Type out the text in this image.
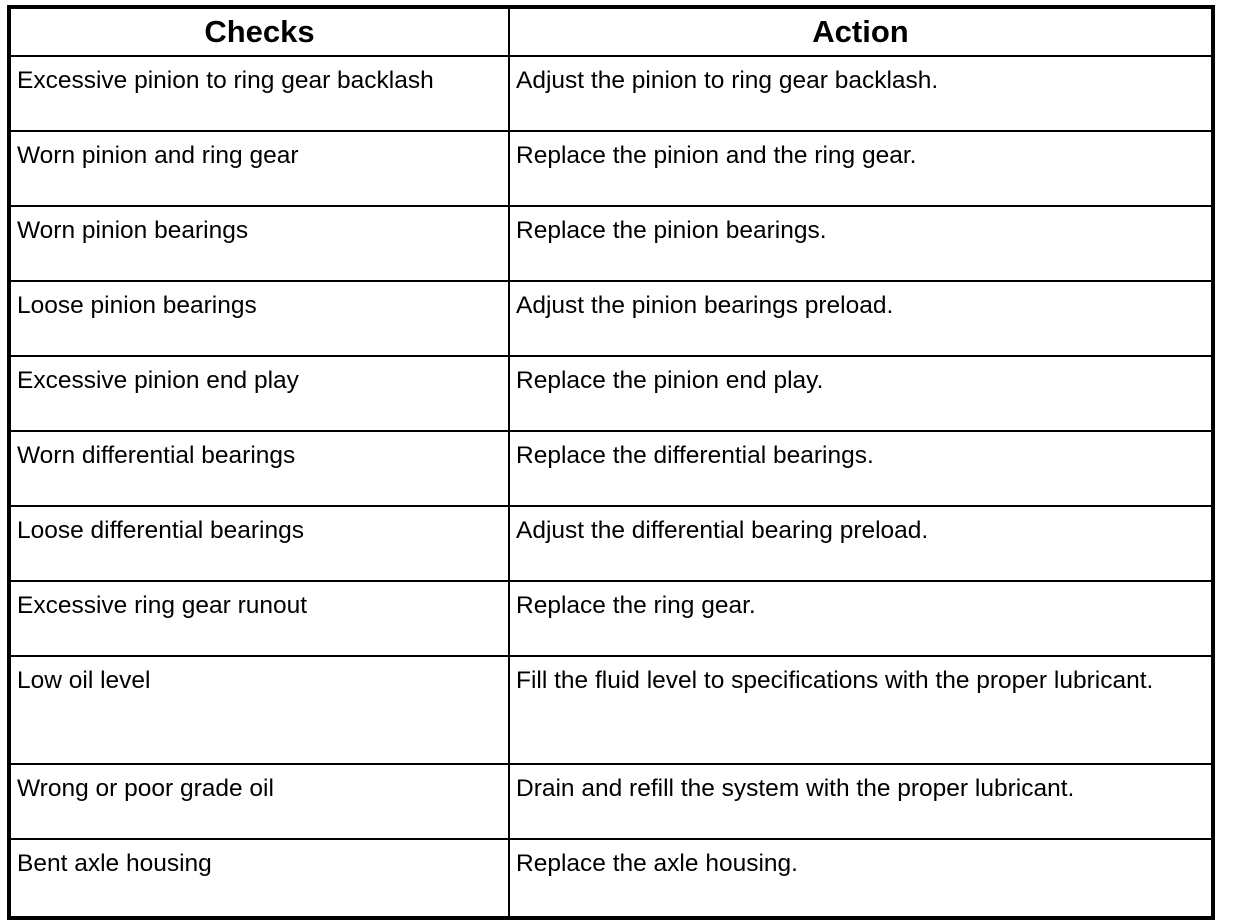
Checks	Action
Excessive pinion to ring gear backlash	Adjust the pinion to ring gear backlash.
Worn pinion and ring gear	Replace the pinion and the ring gear.
Worn pinion bearings	Replace the pinion bearings.
Loose pinion bearings	Adjust the pinion bearings preload.
Excessive pinion end play	Replace the pinion end play.
Worn differential bearings	Replace the differential bearings.
Loose differential bearings	Adjust the differential bearing preload.
Excessive ring gear runout	Replace the ring gear.
Low oil level	Fill the fluid level to specifications with the proper lubricant.
Wrong or poor grade oil	Drain and refill the system with the proper lubricant.
Bent axle housing	Replace the axle housing.
